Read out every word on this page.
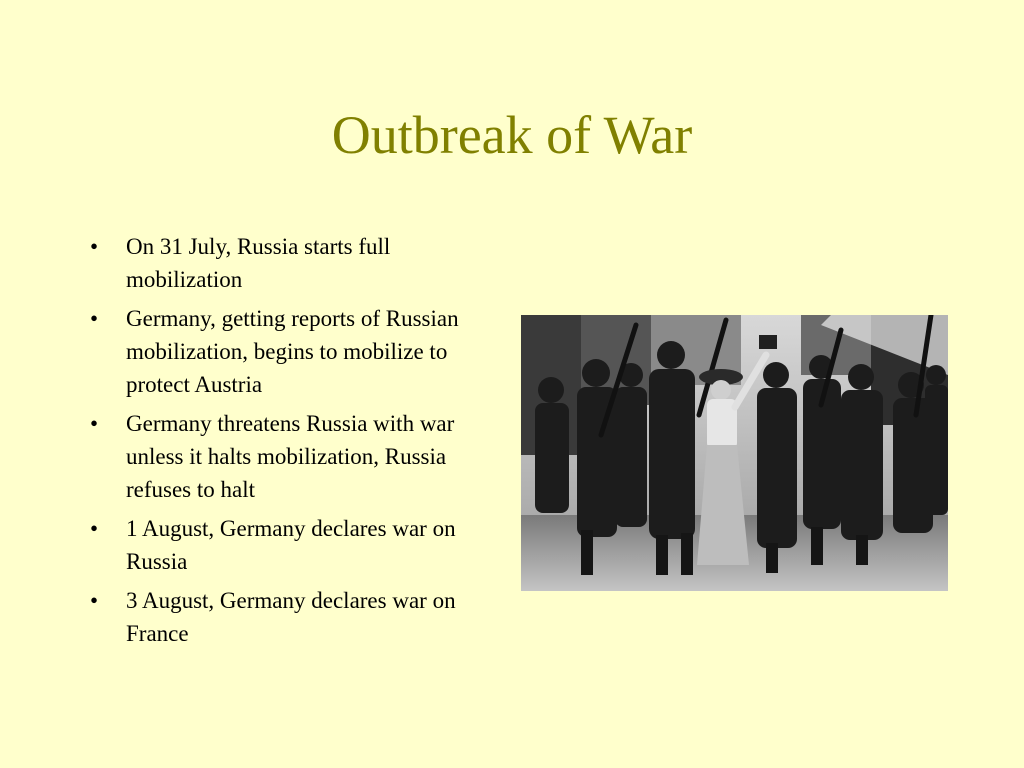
Outbreak of War
• On 31 July, Russia starts full mobilization
• Germany, getting reports of Russian mobilization, begins to mobilize to protect Austria
• Germany threatens Russia with war unless it halts mobilization, Russia refuses to halt
• 1 August, Germany declares war on Russia
• 3 August, Germany declares war on France
